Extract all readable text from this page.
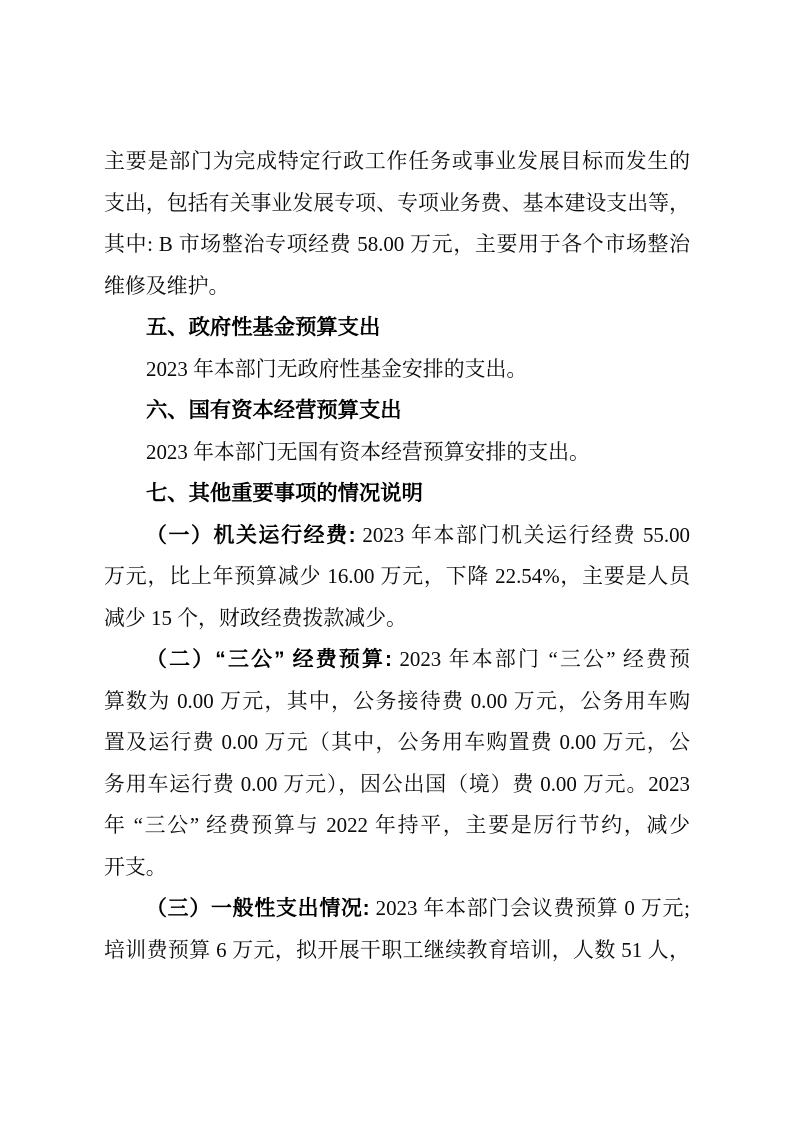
主要是部门为完成特定行政工作任务或事业发展目标而发生的
支出，包括有关事业发展专项、专项业务费、基本建设支出等，
其中: B 市场整治专项经费 58.00 万元，主要用于各个市场整治
维修及维护。
五、政府性基金预算支出
2023 年本部门无政府性基金安排的支出。
六、国有资本经营预算支出
2023 年本部门无国有资本经营预算安排的支出。
七、其他重要事项的情况说明
（一）机关运行经费: 2023 年本部门机关运行经费 55.00
万元，比上年预算减少 16.00 万元，下降 22.54%，主要是人员
减少 15 个，财政经费拨款减少。
（二）“三公” 经费预算: 2023 年本部门 “三公” 经费预
算数为 0.00 万元，其中，公务接待费 0.00 万元，公务用车购
置及运行费 0.00 万元（其中，公务用车购置费 0.00 万元，公
务用车运行费 0.00 万元），因公出国（境）费 0.00 万元。2023
年 “三公” 经费预算与 2022 年持平，主要是厉行节约，减少
开支。
（三）一般性支出情况: 2023 年本部门会议费预算 0 万元;
培训费预算 6 万元，拟开展干职工继续教育培训，人数 51 人，
